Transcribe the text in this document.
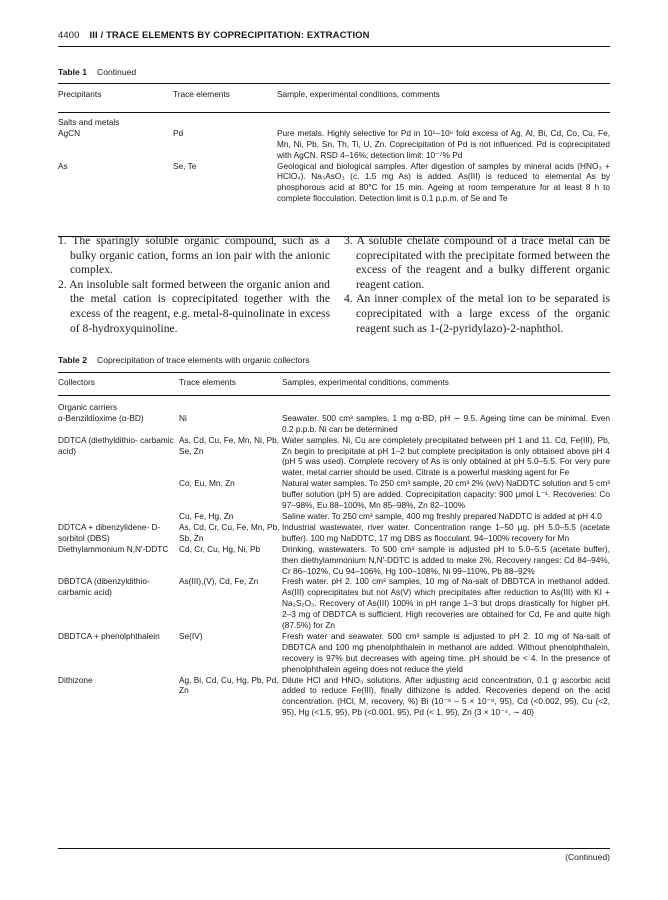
4400 III / TRACE ELEMENTS BY COPRECIPITATION: EXTRACTION
Table 1 Continued
Precipitants	Trace elements	Sample, experimental conditions, comments

Salts and metals		
AgCN	Pd	Pure metals. Highly selective for Pd in 10⁵–10⁶ fold excess of Ag, Al, Bi, Cd, Co, Cu, Fe, Mn, Ni, Pb, Sn, Th, Ti, U, Zn. Coprecipitation of Pd is not influenced. Pd is coprecipitated with AgCN. RSD 4–16%; detection limit: 10⁻⁷% Pd
As	Se, Te	Geological and biological samples. After digestion of samples by mineral acids (HNO₃ + HClO₄). Na₃AsO₃ (c. 1.5 mg As) is added. As(III) is reduced to elemental As by phosphorous acid at 80°C for 15 min. Ageing at room temperature for at least 8 h to complete flocculation. Detection limit is 0.1 p.p.m. of Se and Te
1. The sparingly soluble organic compound, such as a bulky organic cation, forms an ion pair with the anionic complex.
2. An insoluble salt formed between the organic anion and the metal cation is coprecipitated together with the excess of the reagent, e.g. metal-8-quinolinate in excess of 8-hydroxyquinoline.
3. A soluble chelate compound of a trace metal can be coprecipitated with the precipitate formed between the excess of the reagent and a bulky different organic reagent cation.
4. An inner complex of the metal ion to be separated is coprecipitated with a large excess of the organic reagent such as 1-(2-pyridylazo)-2-naphthol.
Table 2 Coprecipitation of trace elements with organic collectors
Collectors	Trace elements	Samples, experimental conditions, comments

Organic carriers		
α-Benzildioxime (α-BD)	Ni	Seawater. 500 cm³ samples, 1 mg α-BD, pH ∼ 9.5. Ageing time can be minimal. Even 0.2 p.p.b. Ni can be determined
DDTCA (diethyldithio- carbamic acid)	As, Cd, Cu, Fe, Mn, Ni, Pb, Se, Zn	Water samples. Ni, Cu are completely precipitated between pH 1 and 11. Cd, Fe(III), Pb, Zn begin to precipitate at pH 1–2 but complete precipitation is only obtained above pH 4 (pH 5 was used). Complete recovery of As is only obtained at pH 5.0–5.5. For very pure water, metal carrier should be used. Citrate is a powerful masking agent for Fe
	Co, Eu, Mn, Zn	Natural water samples. To 250 cm³ sample, 20 cm³ 2% (w/v) NaDDTC solution and 5 cm³ buffer solution (pH 5) are added. Coprecipitation capacity: 900 μmol L⁻¹. Recoveries: Co 97–98%, Eu 88–100%, Mn 85–98%, Zn 82–100%
	Cu, Fe, Hg, Zn	Saline water. To 250 cm³ sample, 400 mg freshly prepared NaDDTC is added at pH 4.0
DDTCA + dibenzylidene- D-sorbitol (DBS)	As, Cd, Cr, Cu, Fe, Mn, Pb, Sb, Zn	Industrial wastewater, river water. Concentration range 1–50 μg. pH 5.0–5.5 (acetate buffer). 100 mg NaDDTC, 17 mg DBS as flocculant. 94–100% recovery for Mn
Diethylammonium N,N′-DDTC	Cd, Cr, Cu, Hg, Ni, Pb	Drinking, wastewaters. To 500 cm³ sample is adjusted pH to 5.0–5.5 (acetate buffer), then diethylammonium N,N′-DDTC is added to make 2%. Recovery ranges: Cd 84–94%, Cr 86–102%, Cu 94–106%, Hg 100–108%, Ni 99–110%, Pb 88–92%
DBDTCA (dibenzyldithio- carbamic acid)	As(III),(V), Cd, Fe, Zn	Fresh water. pH 2. 100 cm³ samples, 10 mg of Na-salt of DBDTCA in methanol added. As(III) coprecipitates but not As(V) which precipitates after reduction to As(III) with KI + Na₂S₂O₃. Recovery of As(III) 100% in pH range 1–3 but drops drastically for higher pH. 2–3 mg of DBDTCA is sufficient. High recoveries are obtained for Cd, Fe and quite high (87.5%) for Zn
DBDTCA + phenolphthalein	Se(IV)	Fresh water and seawater. 500 cm³ sample is adjusted to pH 2. 10 mg of Na-salt of DBDTCA and 100 mg phenolphthalein in methanol are added. Without phenolphthalein, recovery is 97% but decreases with ageing time. pH should be < 4. In the presence of phenolphthalein ageing does not reduce the yield
Dithizone	Ag, Bi, Cd, Cu, Hg, Pb, Pd, Zn	Dilute HCl and HNO₃ solutions. After adjusting acid concentration, 0.1 g ascorbic acid added to reduce Fe(III), finally dithizone is added. Recoveries depend on the acid concentration. (HCl, M, recovery, %) Bi (10⁻⁸ – 5 × 10⁻⁸, 95), Cd (<0.002, 95), Cu (<2, 95), Hg (<1.5, 95), Pb (<0.001, 95), Pd (< 1, 95), Zn (3 × 10⁻⁴, ∼ 40)
(Continued)
